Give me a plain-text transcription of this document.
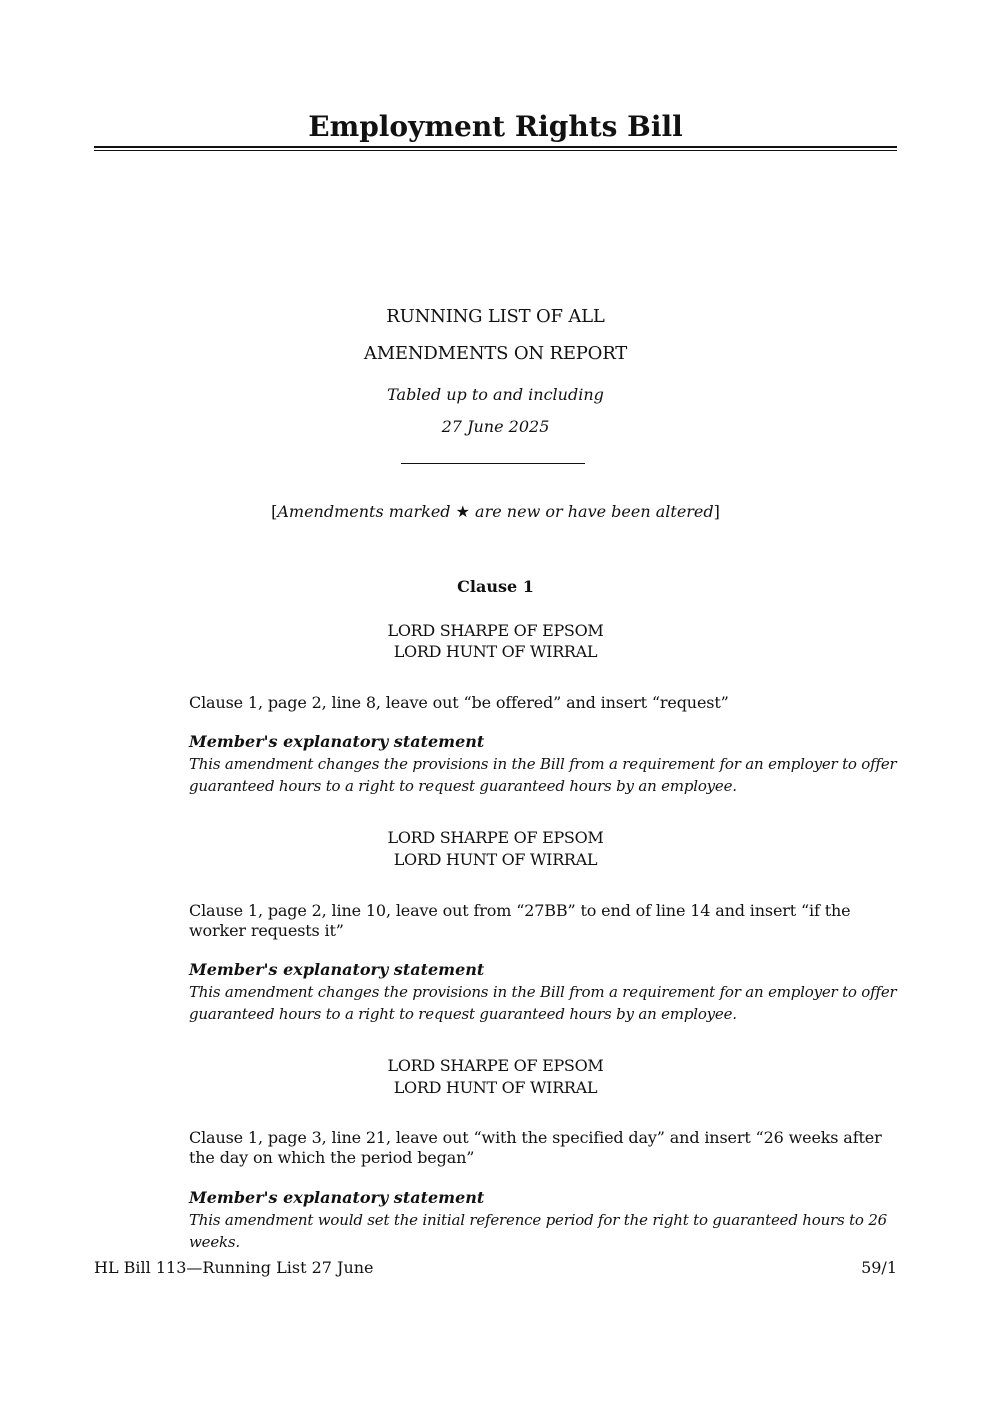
Employment Rights Bill

RUNNING LIST OF ALL

AMENDMENTS ON REPORT

Tabled up to and including

27 June 2025

[Amendments marked ★ are new or have been altered]

Clause 1

LORD SHARPE OF EPSOM

LORD HUNT OF WIRRAL

Clause 1, page 2, line 8, leave out “be offered” and insert “request”

Member's explanatory statement

This amendment changes the provisions in the Bill from a requirement for an employer to offer guaranteed hours to a right to request guaranteed hours by an employee.

LORD SHARPE OF EPSOM

LORD HUNT OF WIRRAL

Clause 1, page 2, line 10, leave out from “27BB” to end of line 14 and insert “if the worker requests it”

Member's explanatory statement

This amendment changes the provisions in the Bill from a requirement for an employer to offer guaranteed hours to a right to request guaranteed hours by an employee.

LORD SHARPE OF EPSOM

LORD HUNT OF WIRRAL

Clause 1, page 3, line 21, leave out “with the specified day” and insert “26 weeks after the day on which the period began”

Member's explanatory statement

This amendment would set the initial reference period for the right to guaranteed hours to 26 weeks.

HL Bill 113—Running List 27 June	59/1
